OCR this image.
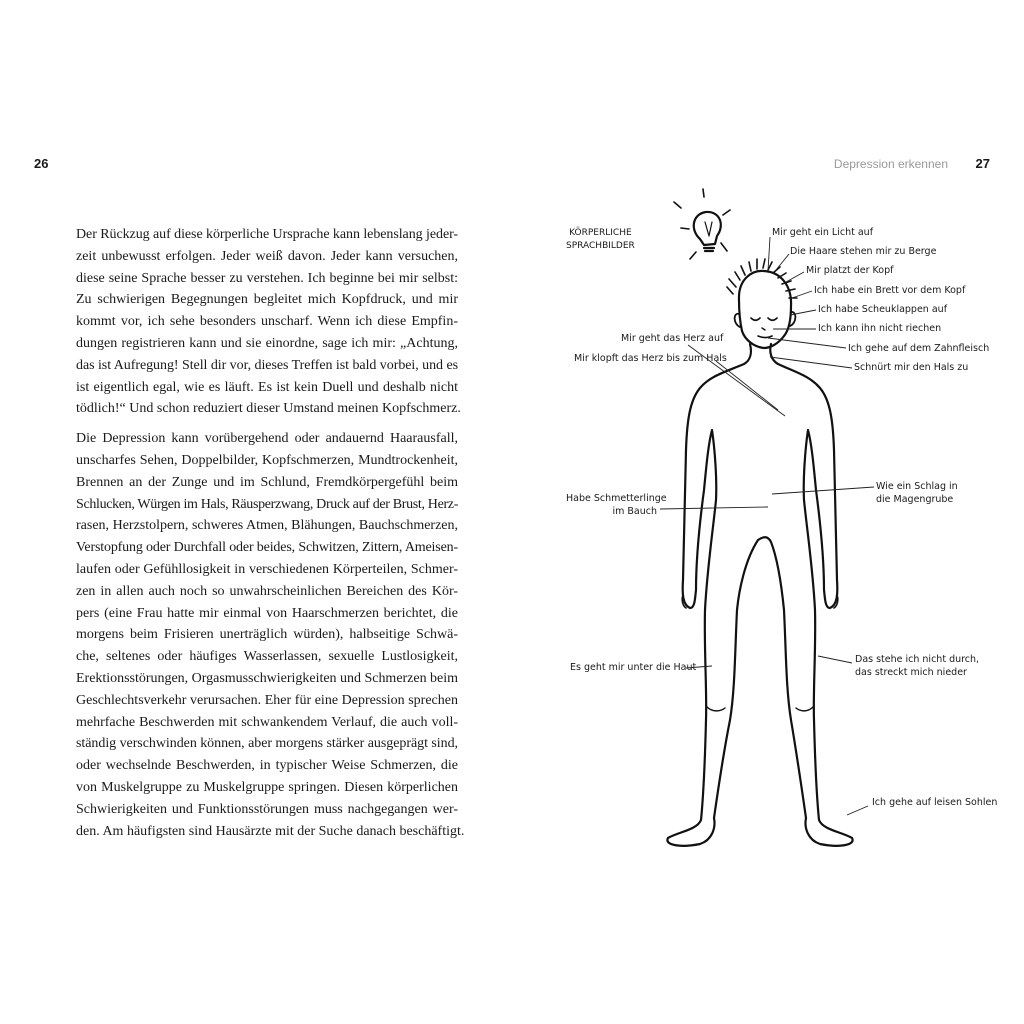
26	Depression erkennen 27

Der Rückzug auf diese körperliche Ursprache kann lebenslang jeder-
zeit unbewusst erfolgen. Jeder weiß davon. Jeder kann versuchen,
diese seine Sprache besser zu verstehen. Ich beginne bei mir selbst:
Zu schwierigen Begegnungen begleitet mich Kopfdruck, und mir
kommt vor, ich sehe besonders unscharf. Wenn ich diese Empfin-
dungen registrieren kann und sie einordne, sage ich mir: „Achtung,
das ist Aufregung! Stell dir vor, dieses Treffen ist bald vorbei, und es
ist eigentlich egal, wie es läuft. Es ist kein Duell und deshalb nicht
tödlich!“ Und schon reduziert dieser Umstand meinen Kopfschmerz.

Die Depression kann vorübergehend oder andauernd Haarausfall,
unscharfes Sehen, Doppelbilder, Kopfschmerzen, Mundtrockenheit,
Brennen an der Zunge und im Schlund, Fremdkörpergefühl beim
Schlucken, Würgen im Hals, Räusperzwang, Druck auf der Brust, Herz-
rasen, Herzstolpern, schweres Atmen, Blähungen, Bauchschmerzen,
Verstopfung oder Durchfall oder beides, Schwitzen, Zittern, Ameisen-
laufen oder Gefühllosigkeit in verschiedenen Körperteilen, Schmer-
zen in allen auch noch so unwahrscheinlichen Bereichen des Kör-
pers (eine Frau hatte mir einmal von Haarschmerzen berichtet, die
morgens beim Frisieren unerträglich würden), halbseitige Schwä-
che, seltenes oder häufiges Wasserlassen, sexuelle Lustlosigkeit,
Erektionsstörungen, Orgasmusschwierigkeiten und Schmerzen beim
Geschlechtsverkehr verursachen. Eher für eine Depression sprechen
mehrfache Beschwerden mit schwankendem Verlauf, die auch voll-
ständig verschwinden können, aber morgens stärker ausgeprägt sind,
oder wechselnde Beschwerden, in typischer Weise Schmerzen, die
von Muskelgruppe zu Muskelgruppe springen. Diesen körperlichen
Schwierigkeiten und Funktionsstörungen muss nachgegangen wer-
den. Am häufigsten sind Hausärzte mit der Suche danach beschäftigt.

KÖRPERLICHE
SPRACHBILDER
Mir geht ein Licht auf
Die Haare stehen mir zu Berge
Mir platzt der Kopf
Ich habe ein Brett vor dem Kopf
Ich habe Scheuklappen auf
Ich kann ihn nicht riechen
Ich gehe auf dem Zahnfleisch
Schnürt mir den Hals zu
Mir geht das Herz auf
Mir klopft das Herz bis zum Hals
Wie ein Schlag in
die Magengrube
Habe Schmetterlinge
im Bauch
Es geht mir unter die Haut
Das stehe ich nicht durch,
das streckt mich nieder
Ich gehe auf leisen Sohlen
